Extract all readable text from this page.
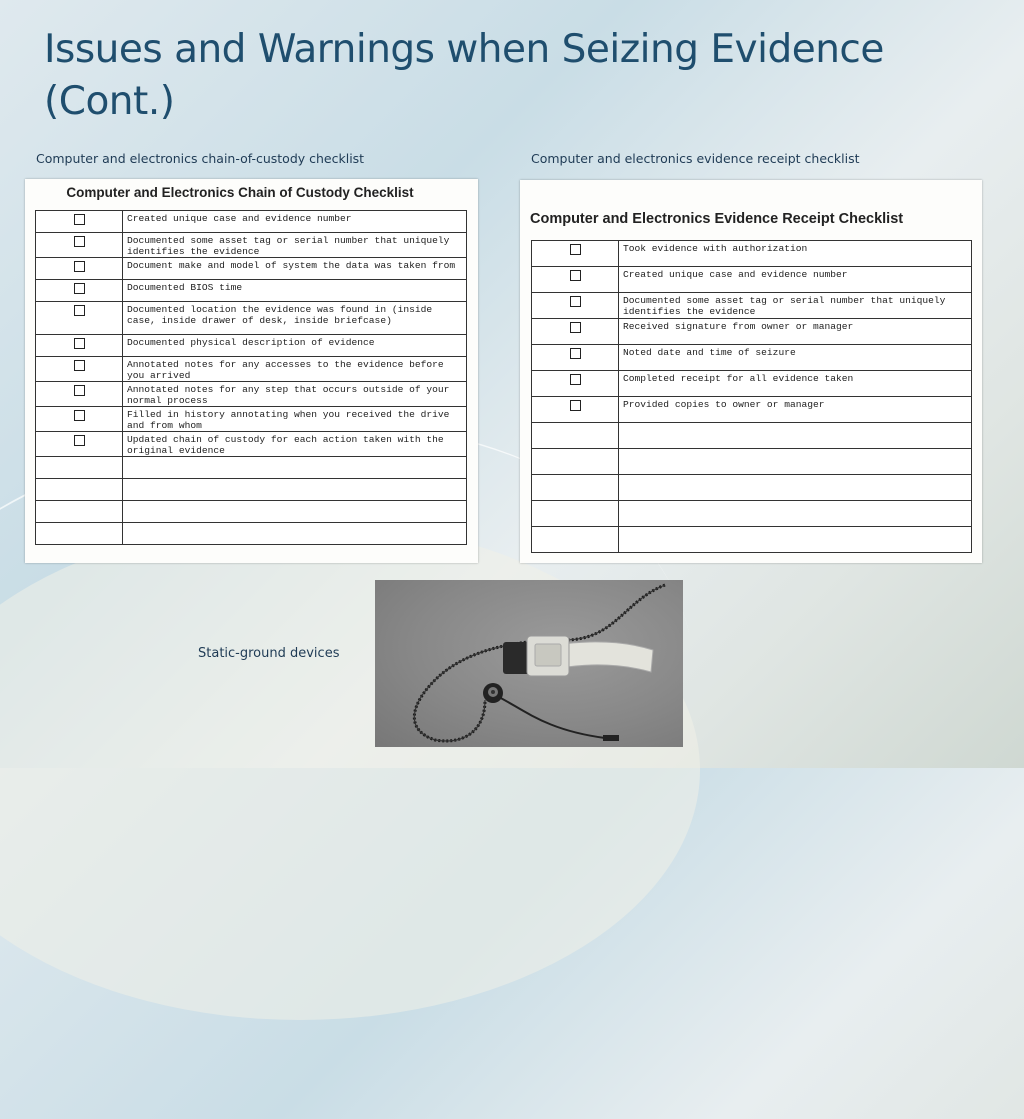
Issues and Warnings when Seizing Evidence (Cont.)
Computer and electronics chain-of-custody checklist	Computer and electronics evidence receipt checklist
Computer and Electronics Chain of Custody Checklist
	Created unique case and evidence number
	Documented some asset tag or serial number that uniquely identifies the evidence
	Document make and model of system the data was taken from
	Documented BIOS time
	Documented location the evidence was found in (inside case, inside drawer of desk, inside briefcase)
	Documented physical description of evidence
	Annotated notes for any accesses to the evidence before you arrived
	Annotated notes for any step that occurs outside of your normal process
	Filled in history annotating when you received the drive and from whom
	Updated chain of custody for each action taken with the original evidence

Computer and Electronics Evidence Receipt Checklist
	Took evidence with authorization
	Created unique case and evidence number
	Documented some asset tag or serial number that uniquely identifies the evidence
	Received signature from owner or manager
	Noted date and time of seizure
	Completed receipt for all evidence taken
	Provided copies to owner or manager

Static-ground devices
